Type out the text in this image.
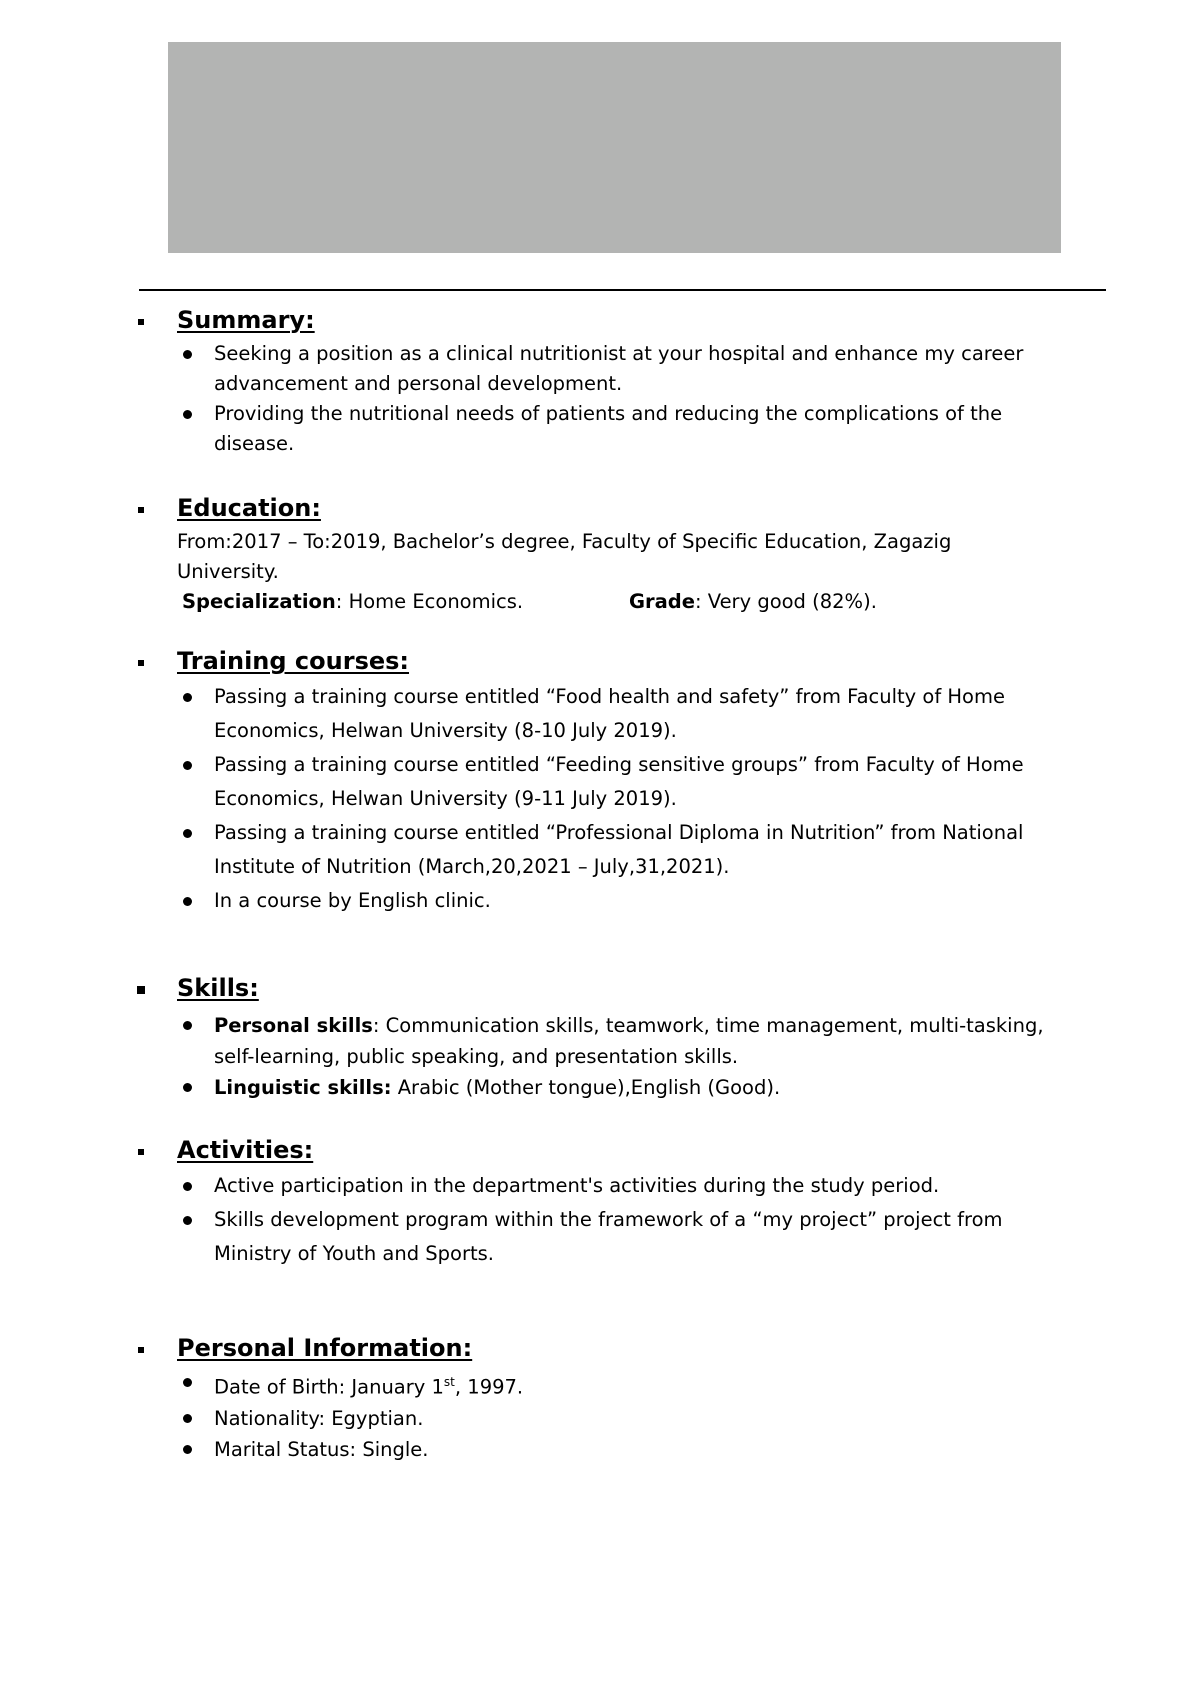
Summary:
Seeking a position as a clinical nutritionist at your hospital and enhance my career advancement and personal development.
Providing the nutritional needs of patients and reducing the complications of the disease.
Education:
From:2017 – To:2019, Bachelor’s degree, Faculty of Specific Education, Zagazig University.
Specialization: Home Economics.	Grade: Very good (82%).
Training courses:
Passing a training course entitled “Food health and safety” from Faculty of Home Economics, Helwan University (8-10 July 2019).
Passing a training course entitled “Feeding sensitive groups” from Faculty of Home Economics, Helwan University (9-11 July 2019).
Passing a training course entitled “Professional Diploma in Nutrition” from National Institute of Nutrition (March,20,2021 – July,31,2021).
In a course by English clinic.
Skills:
Personal skills: Communication skills, teamwork, time management, multi-tasking, self-learning, public speaking, and presentation skills.
Linguistic skills: Arabic (Mother tongue),English (Good).
Activities:
Active participation in the department's activities during the study period.
Skills development program within the framework of a “my project” project from Ministry of Youth and Sports.
Personal Information:
Date of Birth: January 1st, 1997.
Nationality: Egyptian.
Marital Status: Single.
